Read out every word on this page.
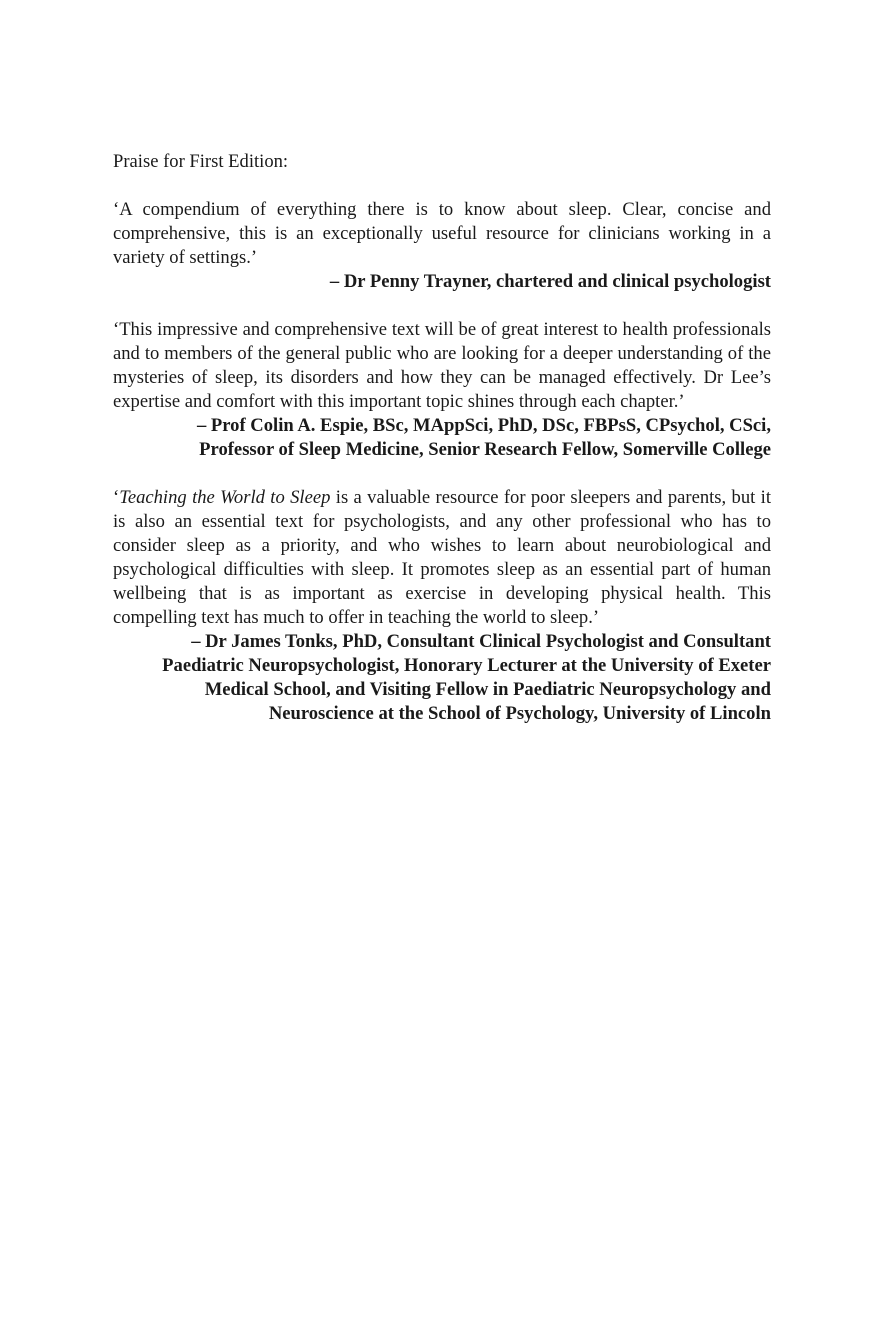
Praise for First Edition:

‘A compendium of everything there is to know about sleep. Clear, concise and comprehensive, this is an exceptionally useful resource for clinicians working in a variety of settings.’

– Dr Penny Trayner, chartered and clinical psychologist

‘This impressive and comprehensive text will be of great interest to health professionals and to members of the general public who are looking for a deeper understanding of the mysteries of sleep, its disorders and how they can be managed effectively. Dr Lee’s expertise and comfort with this important topic shines through each chapter.’

– Prof Colin A. Espie, BSc, MAppSci, PhD, DSc, FBPsS, CPsychol, CSci,
Professor of Sleep Medicine, Senior Research Fellow, Somerville College

‘Teaching the World to Sleep is a valuable resource for poor sleepers and parents, but it is also an essential text for psychologists, and any other professional who has to consider sleep as a priority, and who wishes to learn about neurobiological and psychological difficulties with sleep. It promotes sleep as an essential part of human wellbeing that is as important as exercise in developing physical health. This compelling text has much to offer in teaching the world to sleep.’

– Dr James Tonks, PhD, Consultant Clinical Psychologist and Consultant
Paediatric Neuropsychologist, Honorary Lecturer at the University of Exeter
Medical School, and Visiting Fellow in Paediatric Neuropsychology and
Neuroscience at the School of Psychology, University of Lincoln
